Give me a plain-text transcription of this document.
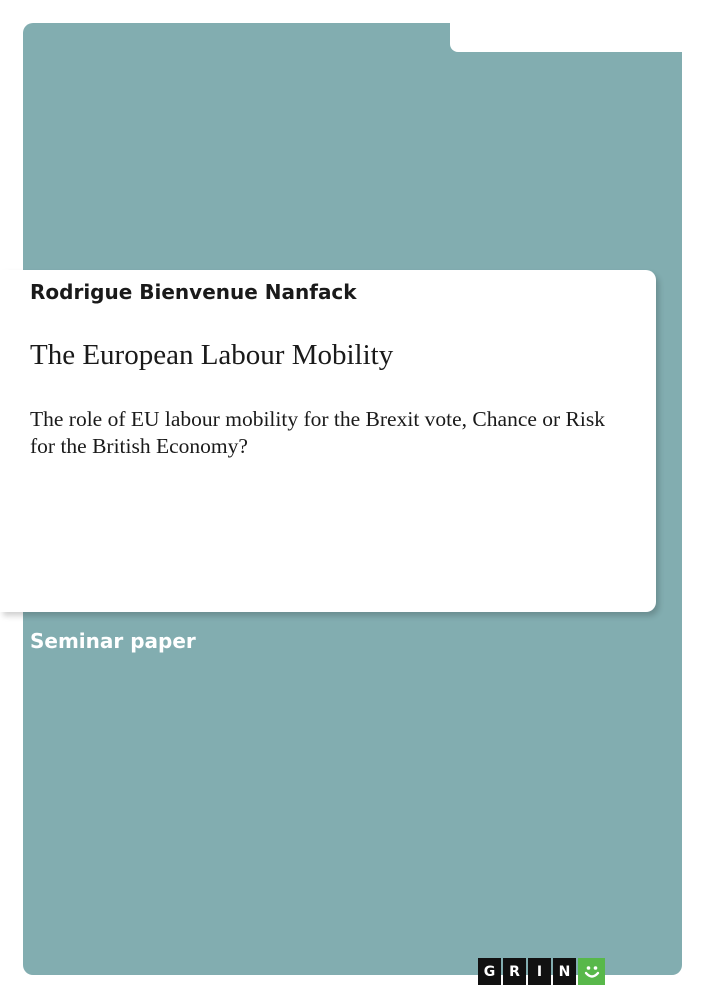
Rodrigue Bienvenue Nanfack
The European Labour Mobility
The role of EU labour mobility for the Brexit vote, Chance or Risk for the British Economy?
Seminar paper
G R	I	N
